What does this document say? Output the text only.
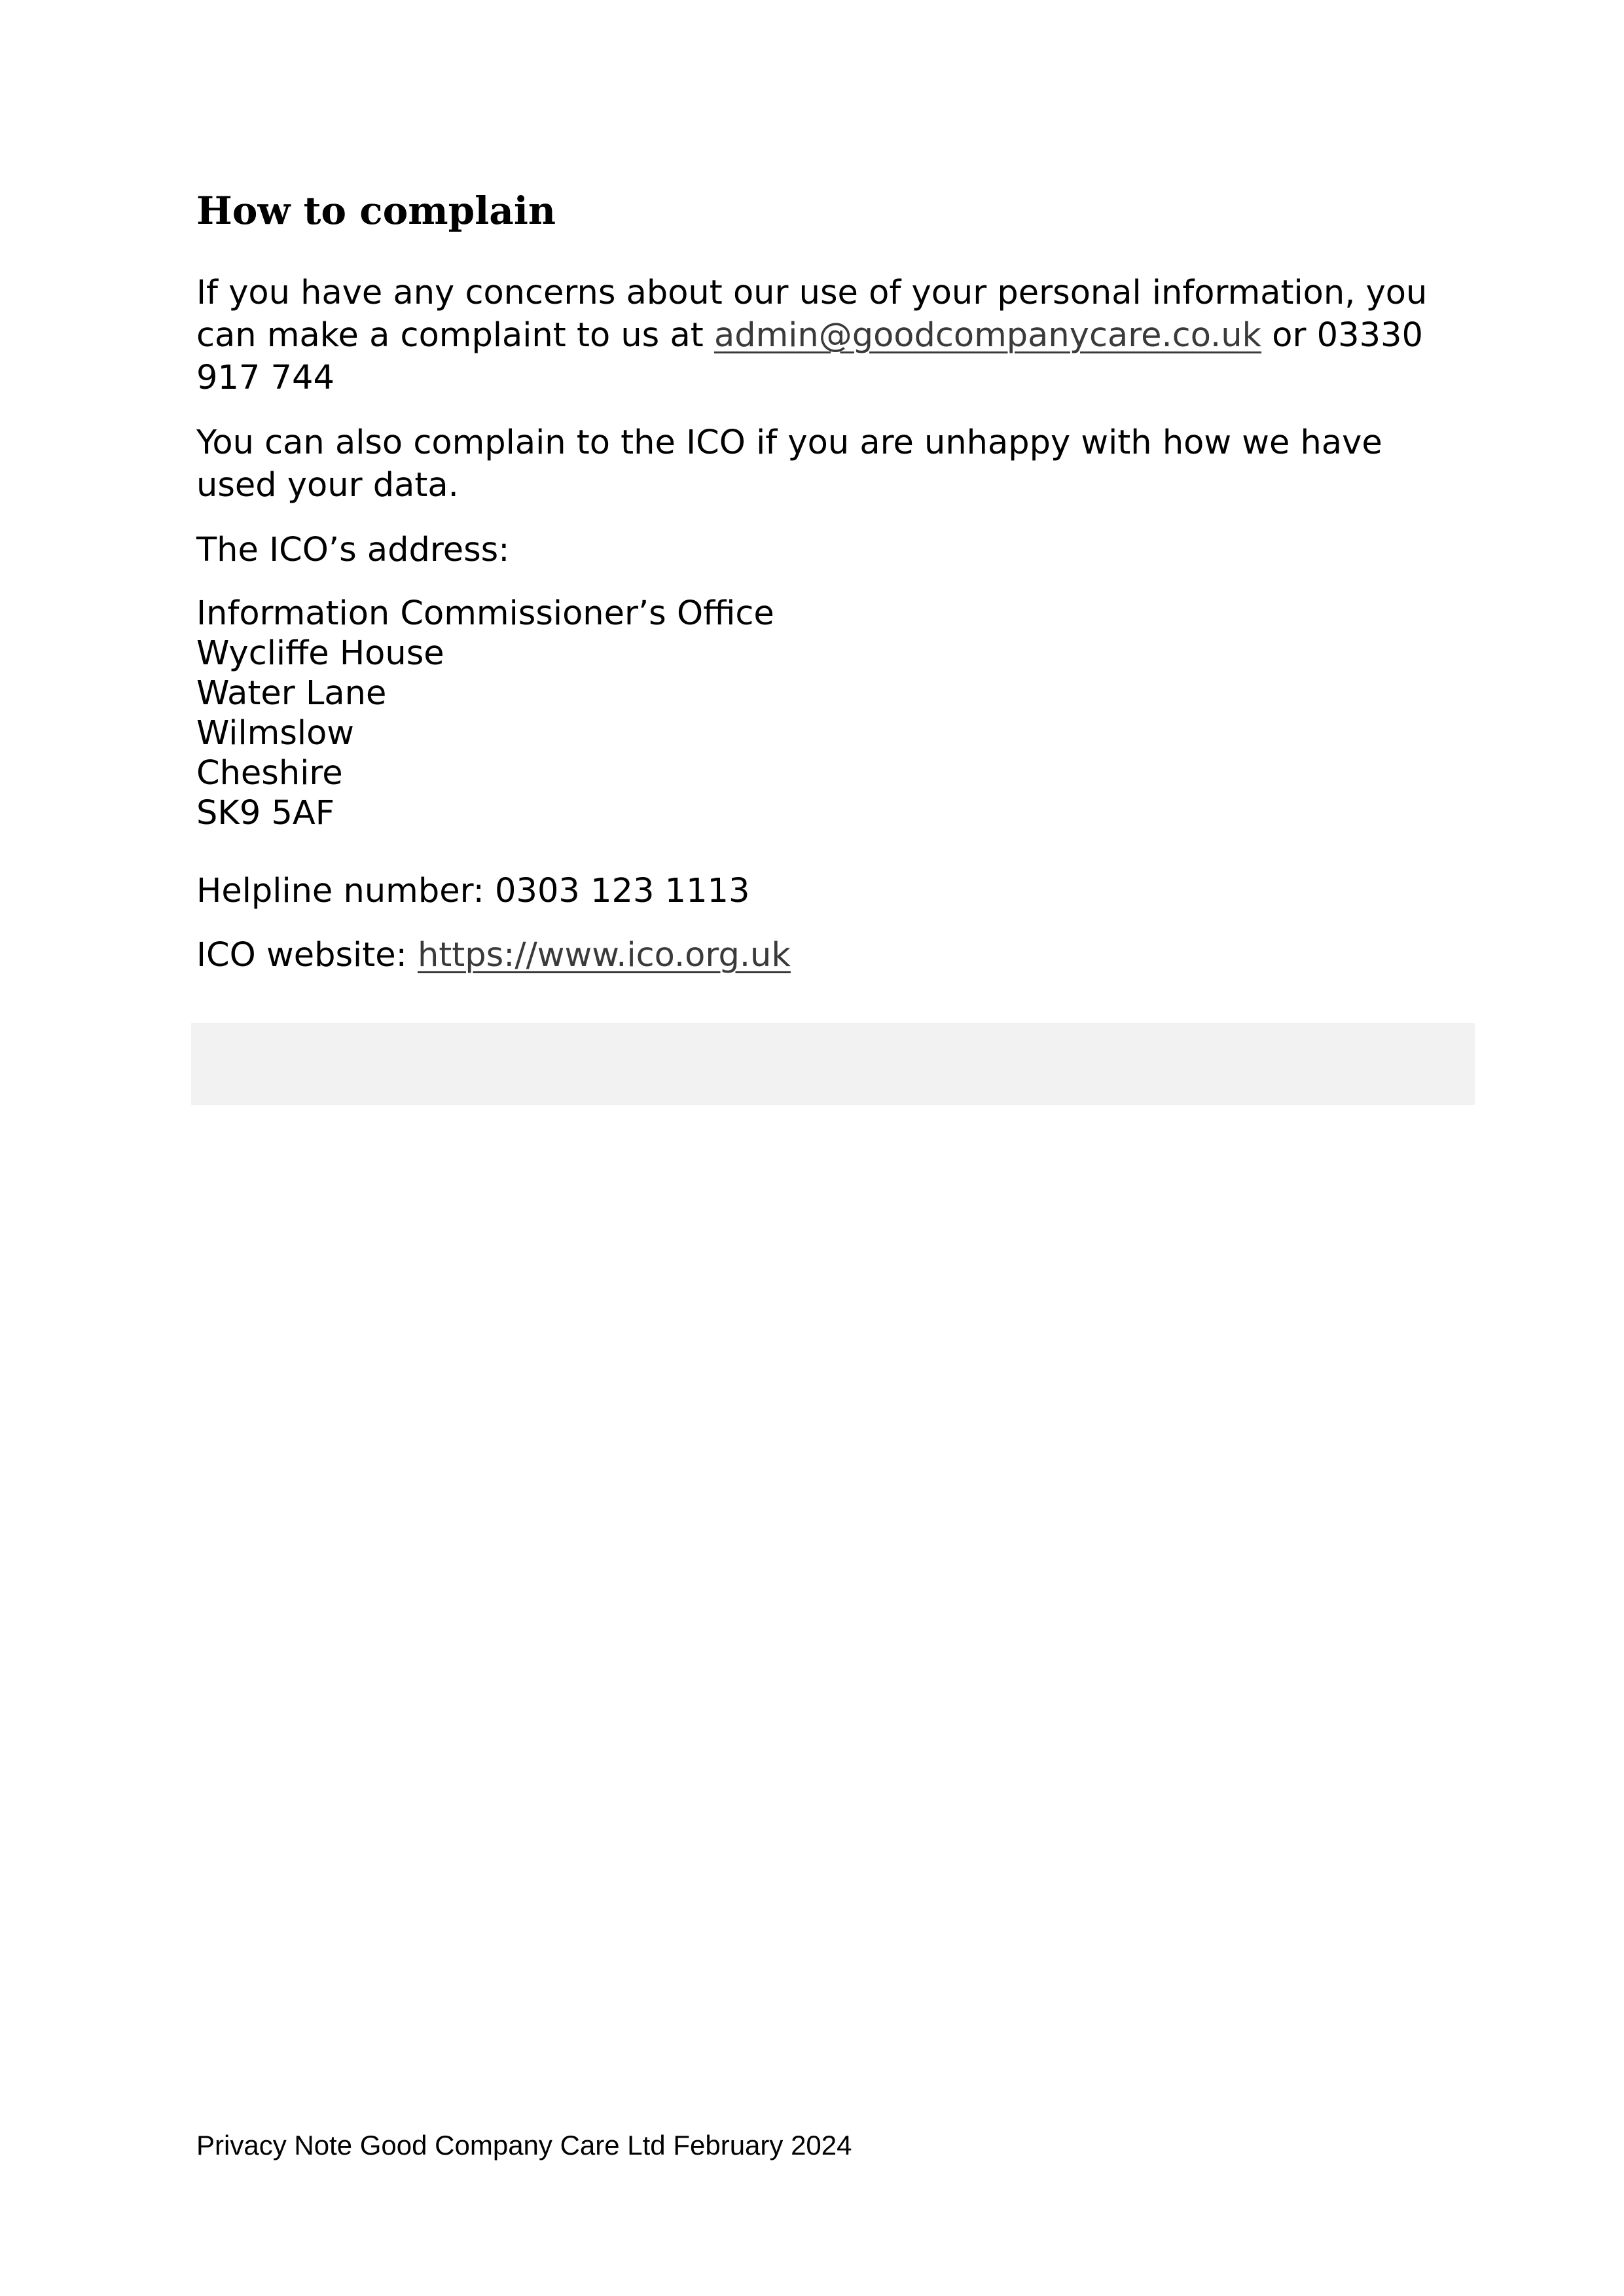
How to complain

If you have any concerns about our use of your personal information, you can make a complaint to us at admin@goodcompanycare.co.uk or 03330 917 744

You can also complain to the ICO if you are unhappy with how we have used your data.

The ICO’s address:

Information Commissioner’s Office
Wycliffe House
Water Lane
Wilmslow
Cheshire
SK9 5AF

Helpline number: 0303 123 1113

ICO website: https://www.ico.org.uk

Privacy Note Good Company Care Ltd February 2024
